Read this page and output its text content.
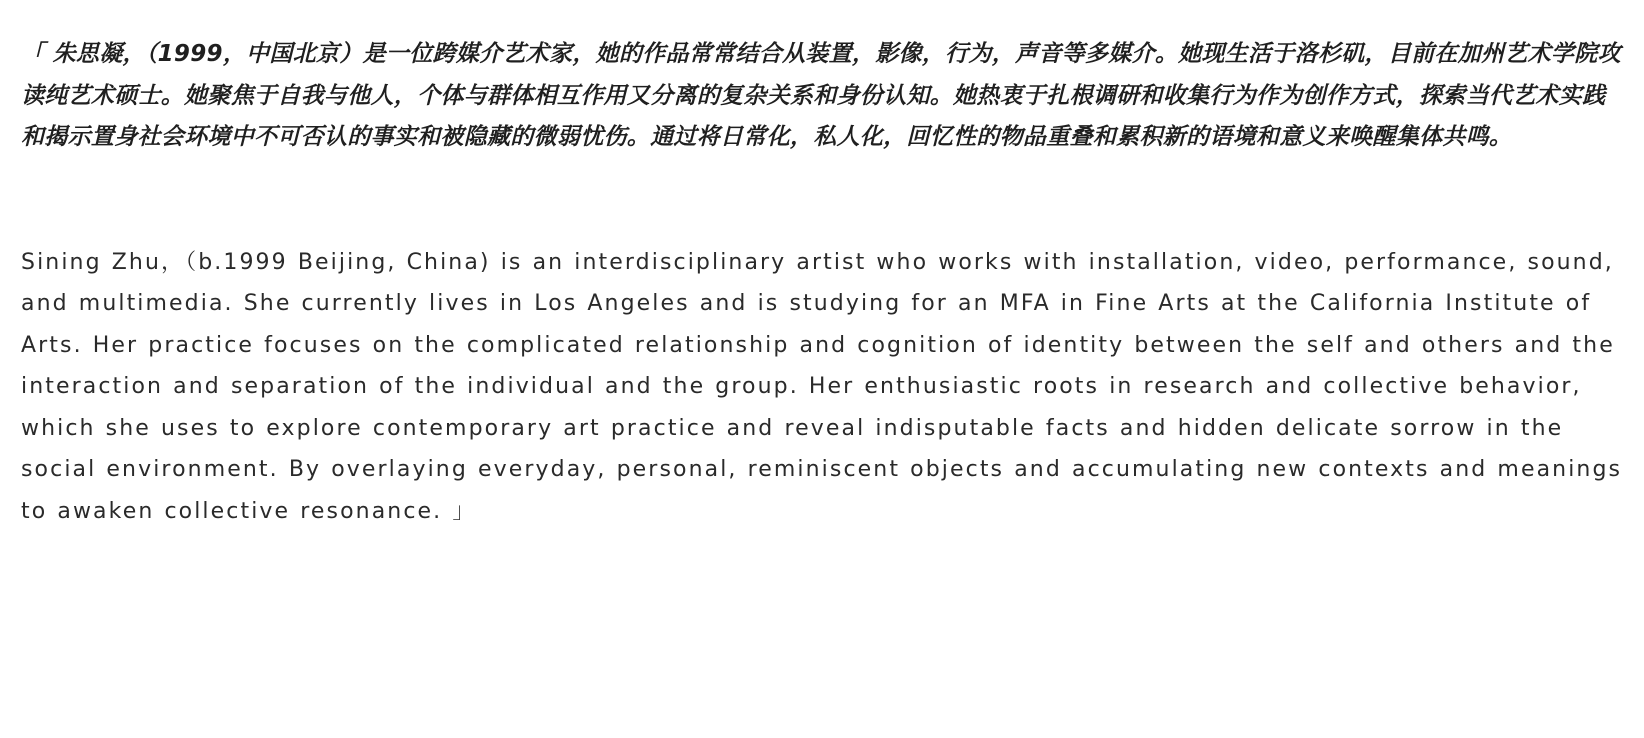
「 朱思凝，（1999，中国北京）是一位跨媒介艺术家，她的作品常常结合从装置，影像，行为，声音等多媒介。她现生活于洛杉矶，目前在加州艺术学院攻读纯艺术硕士。她聚焦于自我与他人，个体与群体相互作用又分离的复杂关系和身份认知。她热衷于扎根调研和收集行为作为创作方式，探索当代艺术实践和揭示置身社会环境中不可否认的事实和被隐藏的微弱忧伤。通过将日常化，私人化，回忆性的物品重叠和累积新的语境和意义来唤醒集体共鸣。

Sining Zhu，（b.1999 Beijing, China) is an interdisciplinary artist who works with installation, video, performance, sound, and multimedia. She currently lives in Los Angeles and is studying for an MFA in Fine Arts at the California Institute of Arts. Her practice focuses on the complicated relationship and cognition of identity between the self and others and the interaction and separation of the individual and the group. Her enthusiastic roots in research and collective behavior, which she uses to explore contemporary art practice and reveal indisputable facts and hidden delicate sorrow in the social environment. By overlaying everyday, personal, reminiscent objects and accumulating new contexts and meanings to awaken collective resonance. 」
